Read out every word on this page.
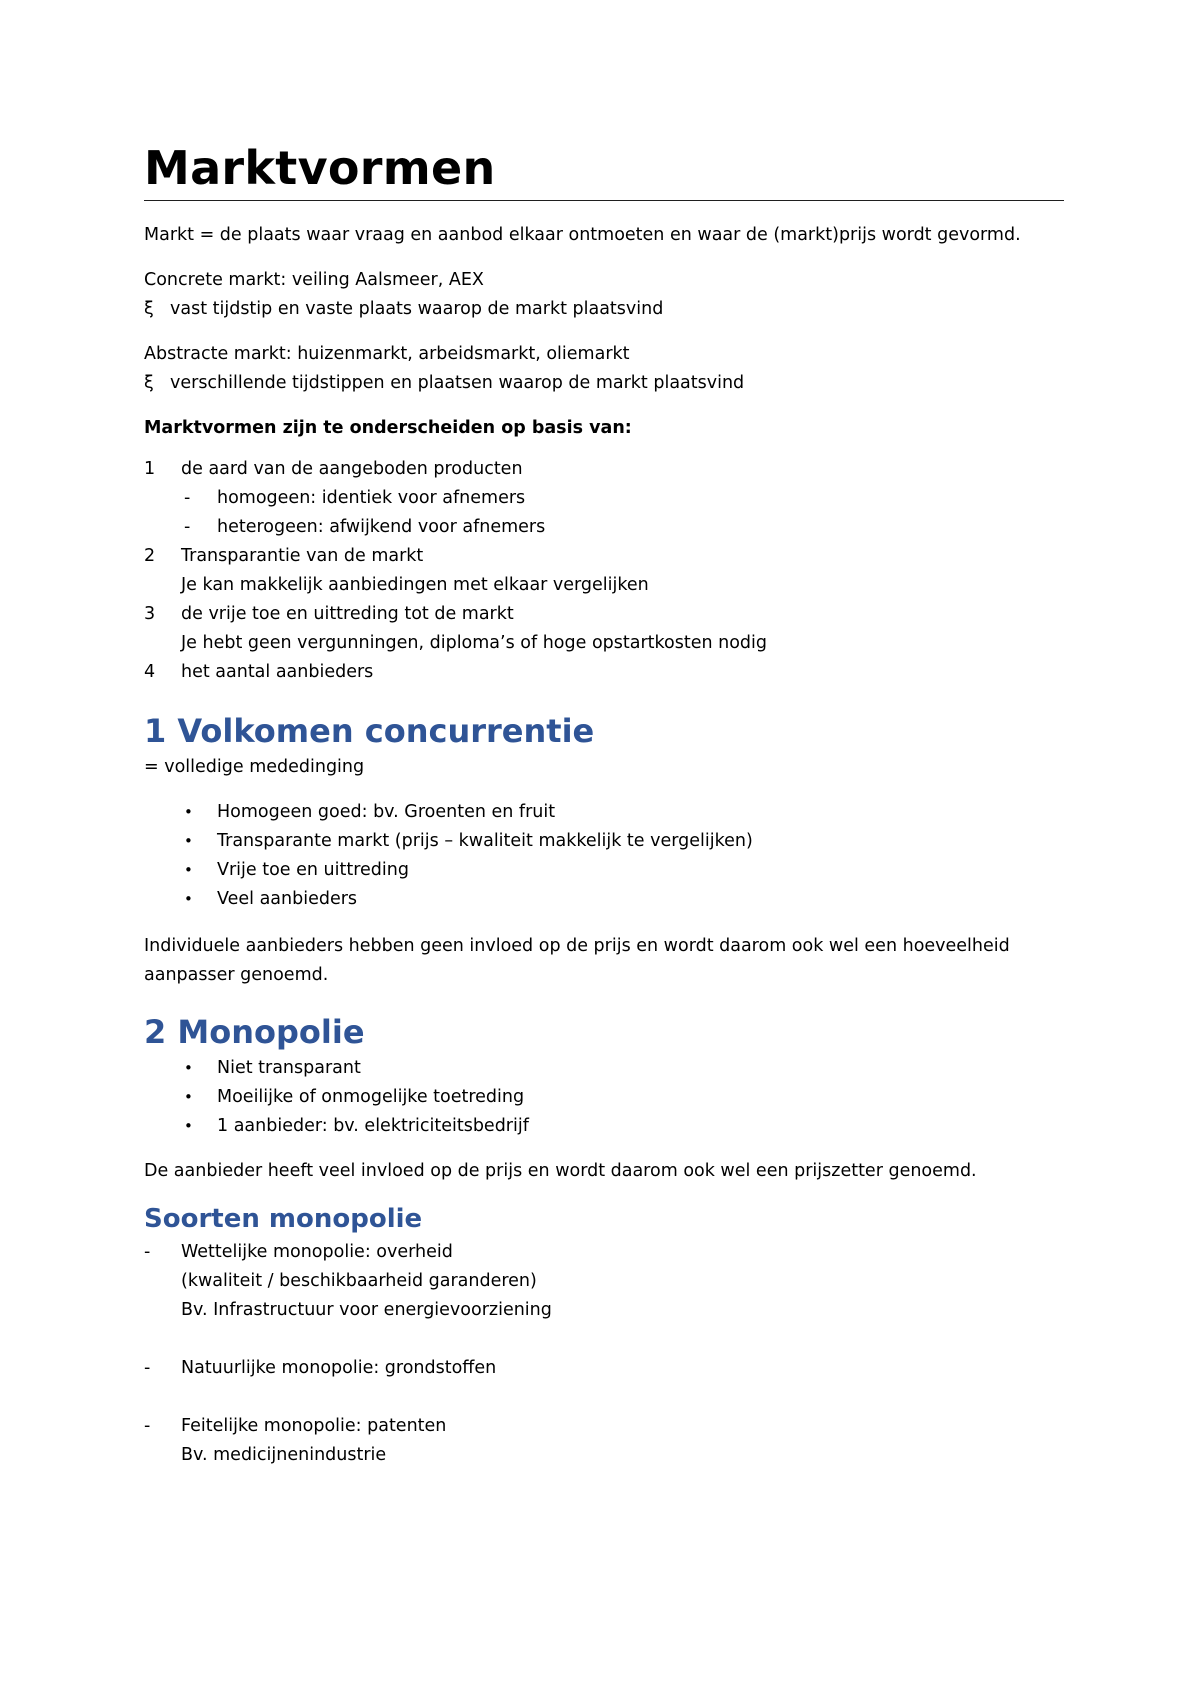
Marktvormen

Markt = de plaats waar vraag en aanbod elkaar ontmoeten en waar de (markt)prijs wordt gevormd.

Concrete markt: veiling Aalsmeer, AEX

ξ vast tijdstip en vaste plaats waarop de markt plaatsvind

Abstracte markt: huizenmarkt, arbeidsmarkt, oliemarkt

ξ verschillende tijdstippen en plaatsen waarop de markt plaatsvind

Marktvormen zijn te onderscheiden op basis van:

1 de aard van de aangeboden producten
- homogeen: identiek voor afnemers
- heterogeen: afwijkend voor afnemers
2 Transparantie van de markt
Je kan makkelijk aanbiedingen met elkaar vergelijken
3 de vrije toe en uittreding tot de markt
Je hebt geen vergunningen, diploma’s of hoge opstartkosten nodig
4 het aantal aanbieders
1 Volkomen concurrentie

= volledige mededinging

• Homogeen goed: bv. Groenten en fruit
• Transparante markt (prijs – kwaliteit makkelijk te vergelijken)
• Vrije toe en uittreding
• Veel aanbieders

Individuele aanbieders hebben geen invloed op de prijs en wordt daarom ook wel een hoeveelheid

aanpasser genoemd.

2 Monopolie
• Niet transparant
• Moeilijke of onmogelijke toetreding
• 1 aanbieder: bv. elektriciteitsbedrijf

De aanbieder heeft veel invloed op de prijs en wordt daarom ook wel een prijszetter genoemd.

Soorten monopolie
- Wettelijke monopolie: overheid
(kwaliteit / beschikbaarheid garanderen)
Bv. Infrastructuur voor energievoorziening
- Natuurlijke monopolie: grondstoffen
- Feitelijke monopolie: patenten
Bv. medicijnenindustrie
